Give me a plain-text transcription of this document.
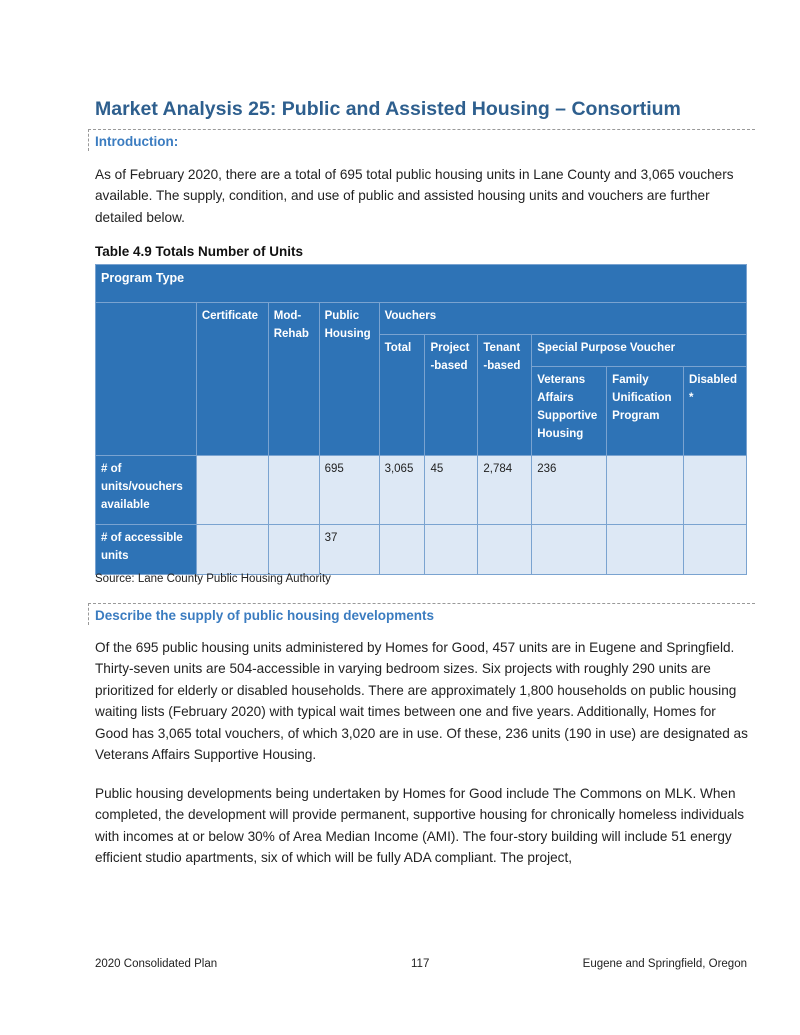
Market Analysis 25: Public and Assisted Housing – Consortium
Introduction:
As of February 2020, there are a total of 695 total public housing units in Lane County and 3,065 vouchers available. The supply, condition, and use of public and assisted housing units and vouchers are further detailed below.
Table 4.9 Totals Number of Units
Program Type									
	Certificate	Mod-Rehab	Public Housing	Vouchers					
				Total	Project -based	Tenant -based	Special Purpose Voucher		
							Veterans Affairs Supportive Housing	Family Unification Program	Disabled
*

# of units/vouchers available			695	3,065	45	2,784	236		
# of accessible units			37						
Source: Lane County Public Housing Authority
Describe the supply of public housing developments
Of the 695 public housing units administered by Homes for Good, 457 units are in Eugene and Springfield. Thirty-seven units are 504-accessible in varying bedroom sizes. Six projects with roughly 290 units are prioritized for elderly or disabled households. There are approximately 1,800 households on public housing waiting lists (February 2020) with typical wait times between one and five years. Additionally, Homes for Good has 3,065 total vouchers, of which 3,020 are in use. Of these, 236 units (190 in use) are designated as Veterans Affairs Supportive Housing.
Public housing developments being undertaken by Homes for Good include The Commons on MLK. When completed, the development will provide permanent, supportive housing for chronically homeless individuals with incomes at or below 30% of Area Median Income (AMI). The four-story building will include 51 energy efficient studio apartments, six of which will be fully ADA compliant. The project,
2020 Consolidated Plan	117	Eugene and Springfield, Oregon
